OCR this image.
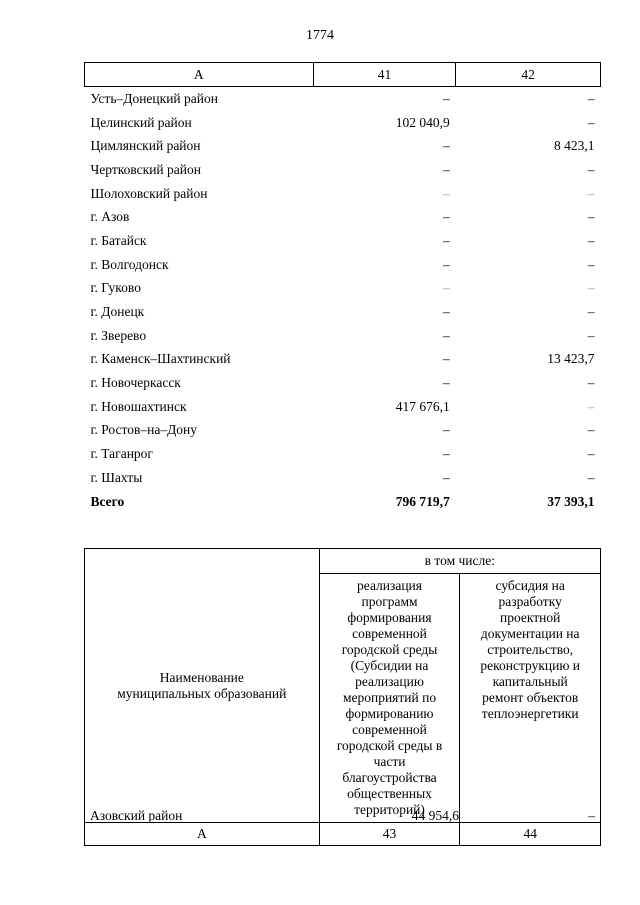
1774
А	41	42
Усть–Донецкий район	–	–
Целинский район	102 040,9	–
Цимлянский район	–	8 423,1
Чертковский район	–	–
Шолоховский район	–	–
г. Азов	–	–
г. Батайск	–	–
г. Волгодонск	–	–
г. Гуково	–	–
г. Донецк	–	–
г. Зверево	–	–
г. Каменск–Шахтинский	–	13 423,7
г. Новочеркасск	–	–
г. Новошахтинск	417 676,1	–
г. Ростов–на–Дону	–	–
г. Таганрог	–	–
г. Шахты	–	–
Всего	796 719,7	37 393,1
Наименование муниципальных образований	в том числе:	

	реализация программ формирования современной городской среды (Субсидии на реализацию мероприятий по формированию современной городской среды в части благоустройства общественных территорий)	субсидия на разработку проектной документации на строительство, реконструкцию и капитальный ремонт объектов теплоэнергетики

А	43	44
Азовский район	44 954,6	–
